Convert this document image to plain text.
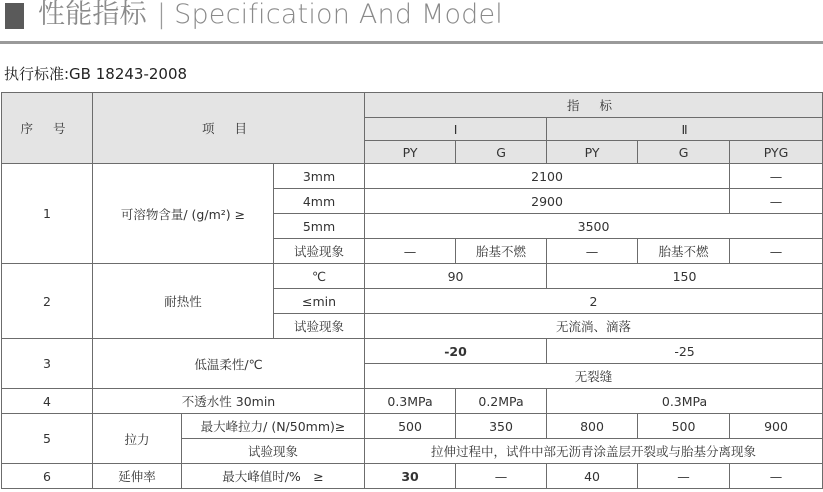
性能指标 | Specification And Model
执行标准:GB 18243-2008
序 号	项 目			指 标				
				Ⅰ		Ⅱ		
				PY	G	PY	G	PYG
1	可溶物含量/ (g/m²) ≥		3mm	2100				—
			4mm	2900				—
			5mm	3500				
			试验现象	—	胎基不燃	—	胎基不燃	—
2	耐热性		℃	90		150		
			≤min	2				
			试验现象	无流淌、滴落				
3	低温柔性/℃			-20		-25		
				无裂缝				
4	不透水性 30min			0.3MPa	0.2MPa	0.3MPa		
5	拉力	最大峰拉力/ (N/50mm)≥		500	350	800	500	900
		试验现象		拉伸过程中，试件中部无沥青涂盖层开裂或与胎基分离现象				
6	延伸率	最大峰值时/%　≥		30	—	40	—	—
